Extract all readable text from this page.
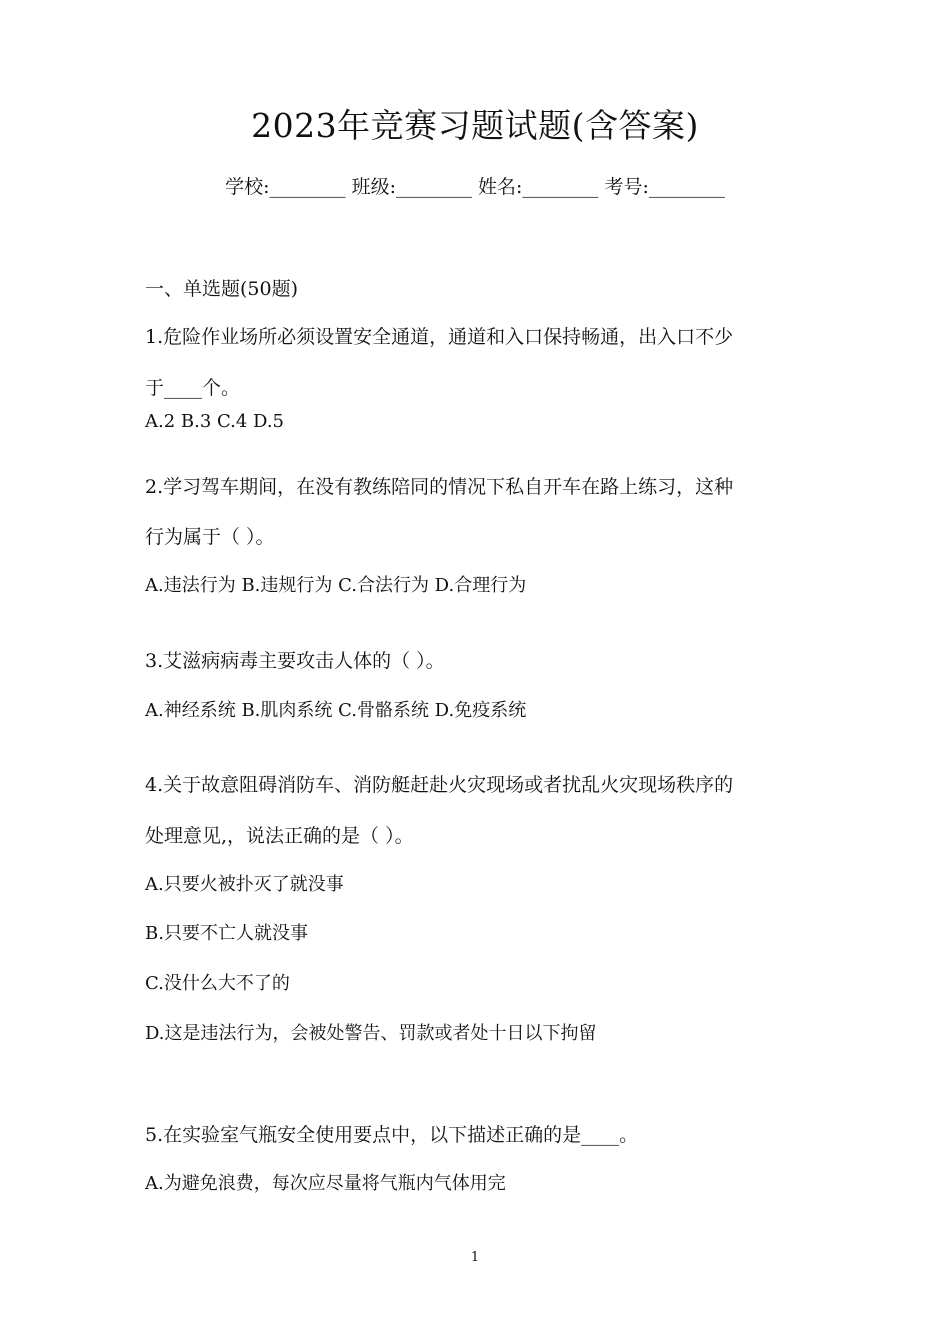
2023年竞赛习题试题(含答案)
学校:________ 班级:________ 姓名:________ 考号:________
一、单选题(50题)
1.危险作业场所必须设置安全通道，通道和入口保持畅通，出入口不少
于____个。
A.2 B.3 C.4 D.5
2.学习驾车期间，在没有教练陪同的情况下私自开车在路上练习，这种
行为属于（ ）。
A.违法行为 B.违规行为 C.合法行为 D.合理行为
3.艾滋病病毒主要攻击人体的（ ）。
A.神经系统 B.肌肉系统 C.骨骼系统 D.免疫系统
4.关于故意阻碍消防车、消防艇赶赴火灾现场或者扰乱火灾现场秩序的
处理意见,，说法正确的是（ ）。
A.只要火被扑灭了就没事
B.只要不亡人就没事
C.没什么大不了的
D.这是违法行为，会被处警告、罚款或者处十日以下拘留
5.在实验室气瓶安全使用要点中，以下描述正确的是____。
A.为避免浪费，每次应尽量将气瓶内气体用完
1
